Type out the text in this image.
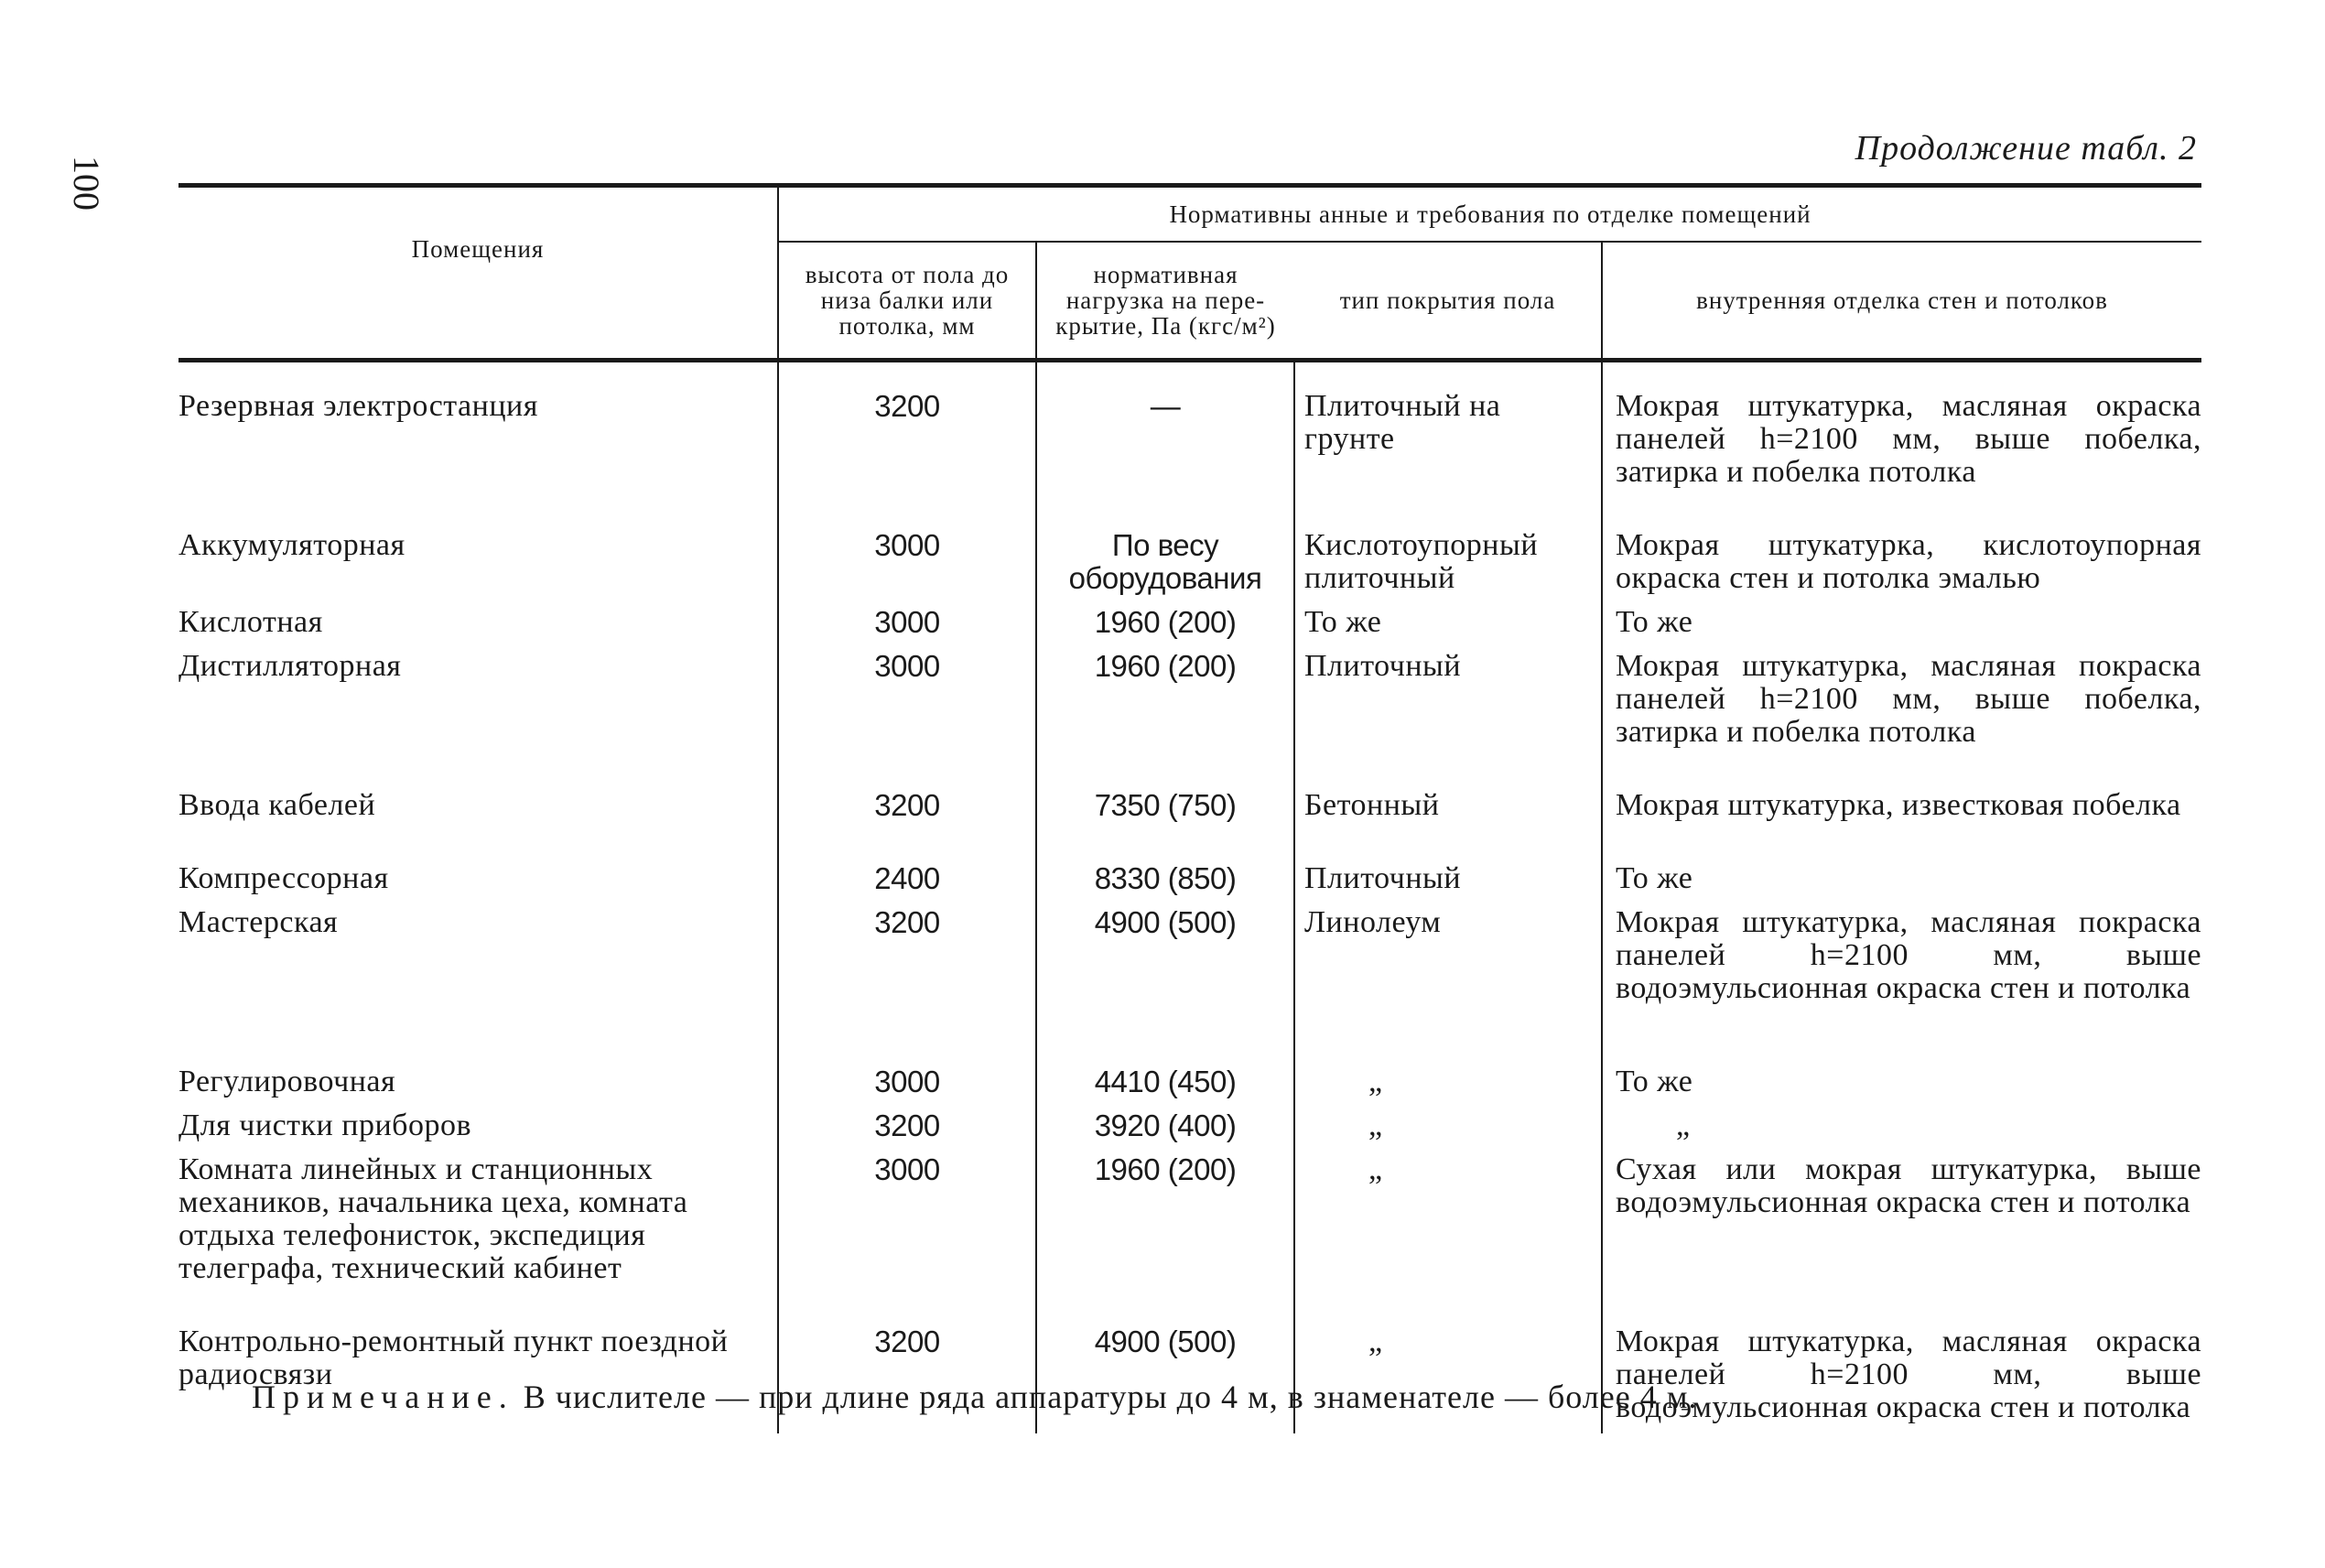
100
Продолжение табл. 2
Помещения	Нормативны анные и требования по отделке помещений			
	высота от пола до низа балки или потолка, мм	нормативная нагрузка на пере-крытие, Па (кгс/м²)	тип покрытия пола	внутренняя отделка стен и потолков
Резервная электростанция	3200	—	Плиточный на грунте	Мокрая штукатурка, масляная окраска панелей h=2100 мм, выше побелка, затирка и побелка потолка
Аккумуляторная	3000	По весу оборудования	Кислотоупорный плиточный	Мокрая штукатурка, кислотоупорная окраска стен и потолка эмалью
Кислотная	3000	1960 (200)	То же	То же
Дистилляторная	3000	1960 (200)	Плиточный	Мокрая штукатурка, масляная покраска панелей h=2100 мм, выше побелка, затирка и побелка потолка
Ввода кабелей	3200	7350 (750)	Бетонный	Мокрая штукатурка, известковая побелка
Компрессорная	2400	8330 (850)	Плиточный	То же
Мастерская	3200	4900 (500)	Линолеум	Мокрая штукатурка, масляная покраска панелей h=2100 мм, выше водоэмульсионная окраска стен и потолка
Регулировочная	3000	4410 (450)	„	То же
Для чистки приборов	3200	3920 (400)	„	„
Комната линейных и станционных механиков, начальника цеха, комната отдыха телефонисток, экспедиция телеграфа, технический кабинет	3000	1960 (200)	„	Сухая или мокрая штукатурка, выше водоэмульсионная окраска стен и потолка
Контрольно-ремонтный пункт поездной радиосвязи	3200	4900 (500)	„	Мокрая штукатурка, масляная окраска панелей h=2100 мм, выше водоэмульсионная окраска стен и потолка
Примечание. В числителе — при длине ряда аппаратуры до 4 м, в знаменателе — более 4 м.
